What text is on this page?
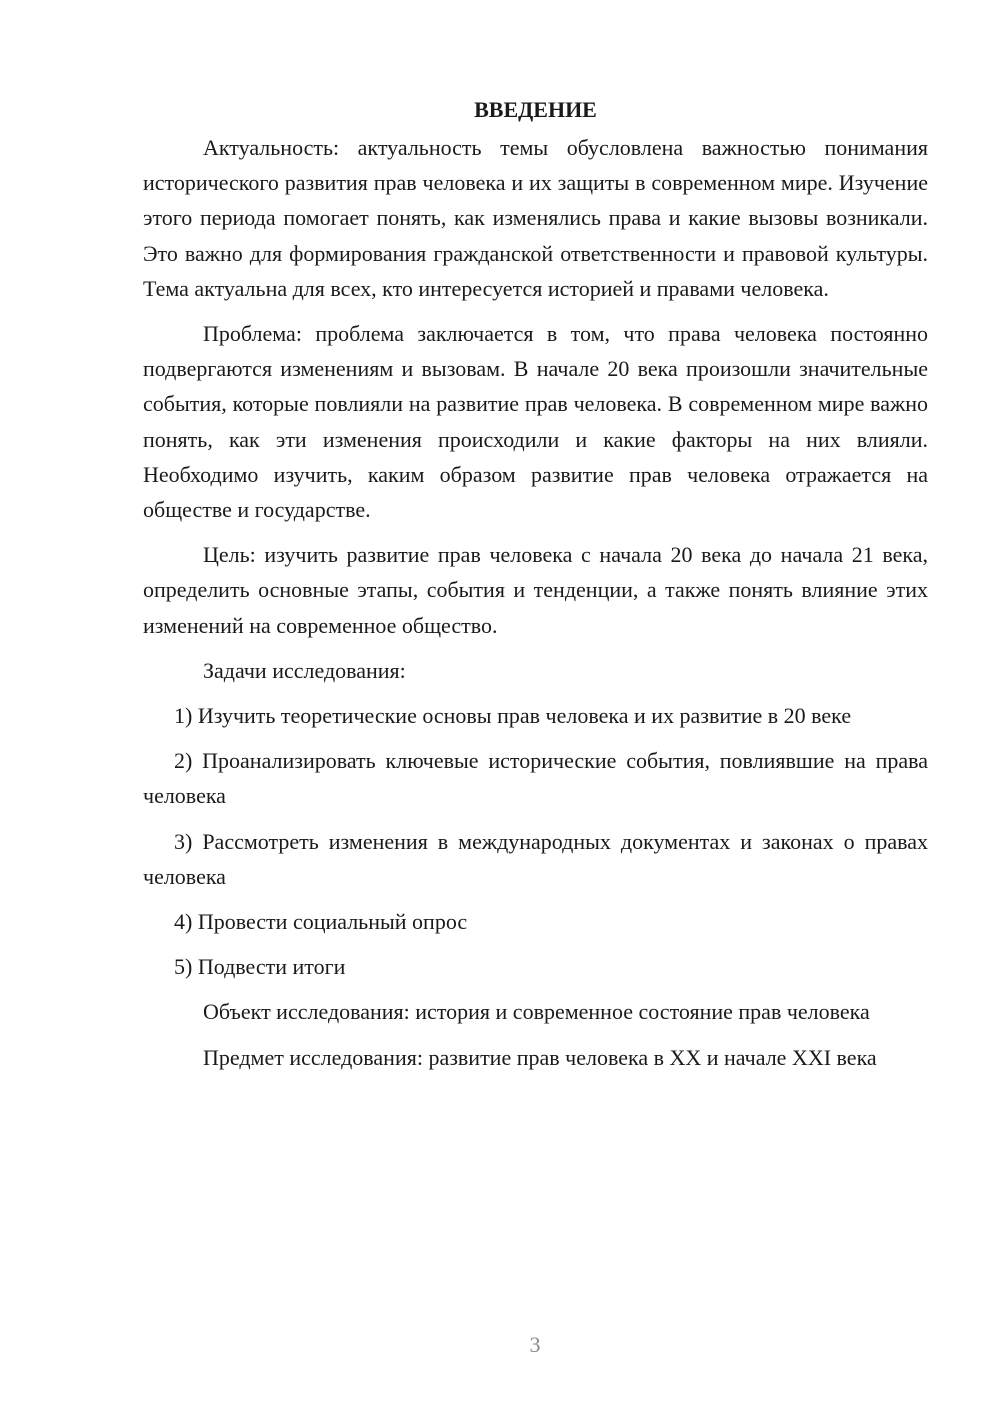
ВВЕДЕНИЕ

Актуальность: актуальность темы обусловлена важностью понимания исторического развития прав человека и их защиты в современном мире. Изучение этого периода помогает понять, как изменялись права и какие вызовы возникали. Это важно для формирования гражданской ответственности и правовой культуры. Тема актуальна для всех, кто интересуется историей и правами человека.

Проблема: проблема заключается в том, что права человека постоянно подвергаются изменениям и вызовам. В начале 20 века произошли значительные события, которые повлияли на развитие прав человека. В современном мире важно понять, как эти изменения происходили и какие факторы на них влияли. Необходимо изучить, каким образом развитие прав человека отражается на обществе и государстве.

Цель: изучить развитие прав человека с начала 20 века до начала 21 века, определить основные этапы, события и тенденции, а также понять влияние этих изменений на современное общество.

Задачи исследования:

1) Изучить теоретические основы прав человека и их развитие в 20 веке

2) Проанализировать ключевые исторические события, повлиявшие на права человека

3) Рассмотреть изменения в международных документах и законах о правах человека

4) Провести социальный опрос

5) Подвести итоги

Объект исследования: история и современное состояние прав человека

Предмет исследования: развитие прав человека в XX и начале XXI века

3
